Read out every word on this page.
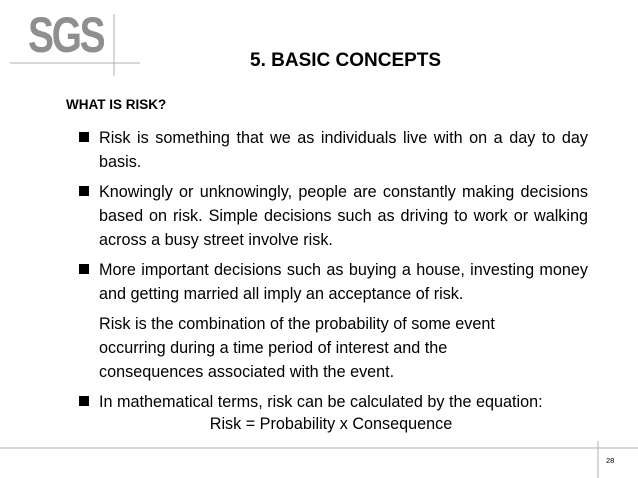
SGS	5. BASIC CONCEPTS
WHAT IS RISK?
Risk is something that we as individuals live with on a day to day basis.
Knowingly or unknowingly, people are constantly making decisions based on risk. Simple decisions such as driving to work or walking across a busy street involve risk.
More important decisions such as buying a house, investing money and getting married all imply an acceptance of risk.
Risk is the combination of the probability of some event occurring during a time period of interest and the consequences associated with the event.
In mathematical terms, risk can be calculated by the equation:
Risk = Probability x Consequence
28
